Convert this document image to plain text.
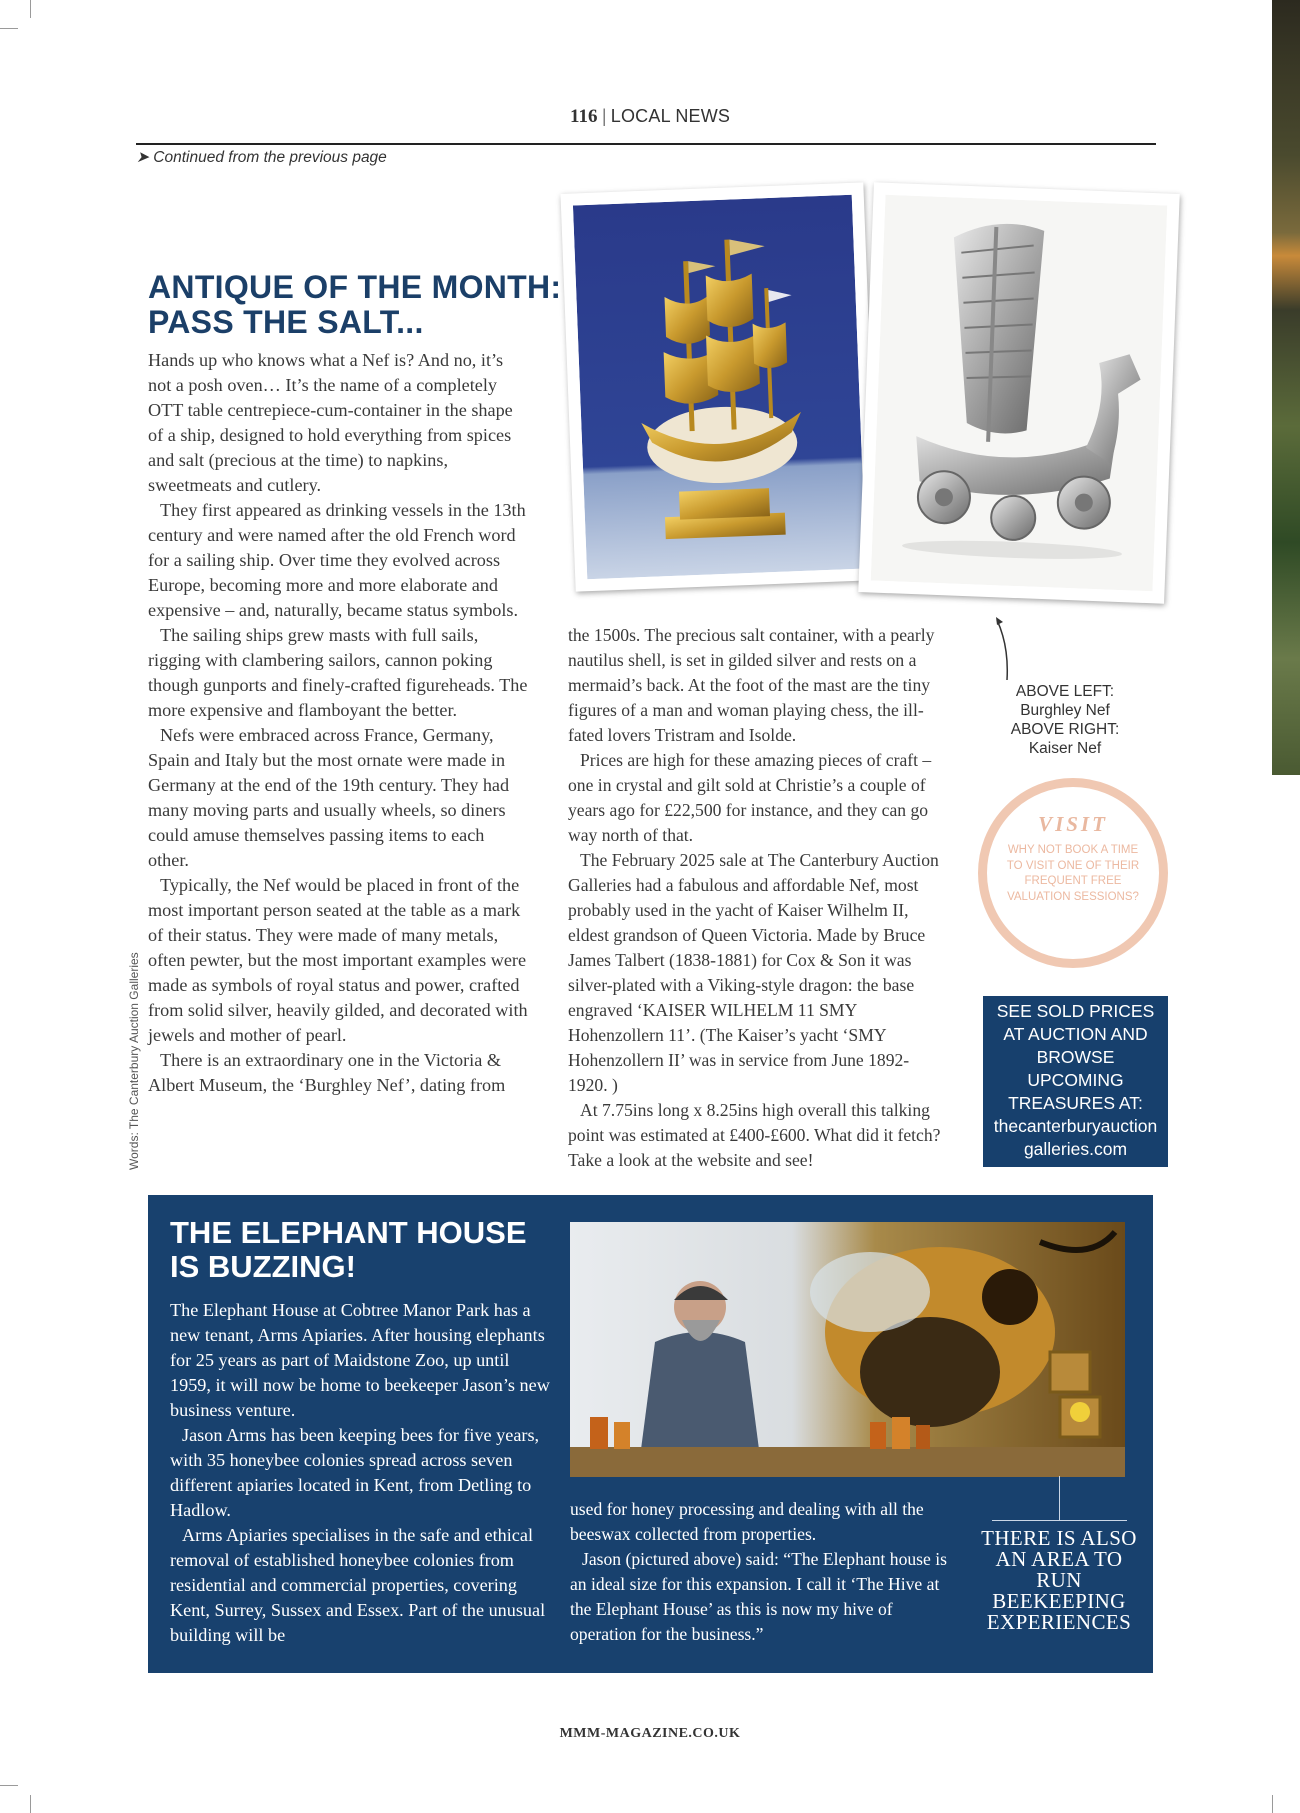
116 | LOCAL NEWS
➤ Continued from the previous page
ANTIQUE OF THE MONTH:
PASS THE SALT...

Hands up who knows what a Nef is? And no, it’s not a posh oven… It’s the name of a completely OTT table centrepiece-cum-container in the shape of a ship, designed to hold everything from spices and salt (precious at the time) to napkins, sweetmeats and cutlery.

They first appeared as drinking vessels in the 13th century and were named after the old French word for a sailing ship. Over time they evolved across Europe, becoming more and more elaborate and expensive – and, naturally, became status symbols.

The sailing ships grew masts with full sails, rigging with clambering sailors, cannon poking though gunports and finely-crafted figureheads. The more expensive and flamboyant the better.

Nefs were embraced across France, Germany, Spain and Italy but the most ornate were made in Germany at the end of the 19th century. They had many moving parts and usually wheels, so diners could amuse themselves passing items to each other.

Typically, the Nef would be placed in front of the most important person seated at the table as a mark of their status. They were made of many metals, often pewter, but the most important examples were made as symbols of royal status and power, crafted from solid silver, heavily gilded, and decorated with jewels and mother of pearl.

There is an extraordinary one in the Victoria & Albert Museum, the ‘Burghley Nef’, dating from

the 1500s. The precious salt container, with a pearly nautilus shell, is set in gilded silver and rests on a mermaid’s back. At the foot of the mast are the tiny figures of a man and woman playing chess, the ill-fated lovers Tristram and Isolde.

Prices are high for these amazing pieces of craft – one in crystal and gilt sold at Christie’s a couple of years ago for £22,500 for instance, and they can go way north of that.

The February 2025 sale at The Canterbury Auction Galleries had a fabulous and affordable Nef, most probably used in the yacht of Kaiser Wilhelm II, eldest grandson of Queen Victoria. Made by Bruce James Talbert (1838-1881) for Cox & Son it was silver-plated with a Viking-style dragon: the base engraved ‘KAISER WILHELM 11 SMY Hohenzollern 11’. (The Kaiser’s yacht ‘SMY Hohenzollern II’ was in service from June 1892-1920. )

At 7.75ins long x 8.25ins high overall this talking point was estimated at £400-£600. What did it fetch? Take a look at the website and see!

Words: The Canterbury Auction Galleries
ABOVE LEFT:
Burghley Nef
ABOVE RIGHT:
Kaiser Nef
VISIT
WHY NOT BOOK A TIME TO VISIT ONE OF THEIR FREQUENT FREE VALUATION SESSIONS?
SEE SOLD PRICES AT AUCTION AND BROWSE UPCOMING TREASURES AT:
thecanterburyauction
galleries.com
THE ELEPHANT HOUSE
IS BUZZING!

The Elephant House at Cobtree Manor Park has a new tenant, Arms Apiaries. After housing elephants for 25 years as part of Maidstone Zoo, up until 1959, it will now be home to beekeeper Jason’s new business venture.

Jason Arms has been keeping bees for five years, with 35 honeybee colonies spread across seven different apiaries located in Kent, from Detling to Hadlow.

Arms Apiaries specialises in the safe and ethical removal of established honeybee colonies from residential and commercial properties, covering Kent, Surrey, Sussex and Essex. Part of the unusual building will be

used for honey processing and dealing with all the beeswax collected from properties.

Jason (pictured above) said: “The Elephant house is an ideal size for this expansion. I call it ‘The Hive at the Elephant House’ as this is now my hive of operation for the business.”

THERE IS ALSO AN AREA TO RUN BEEKEEPING EXPERIENCES
MMM-MAGAZINE.CO.UK
